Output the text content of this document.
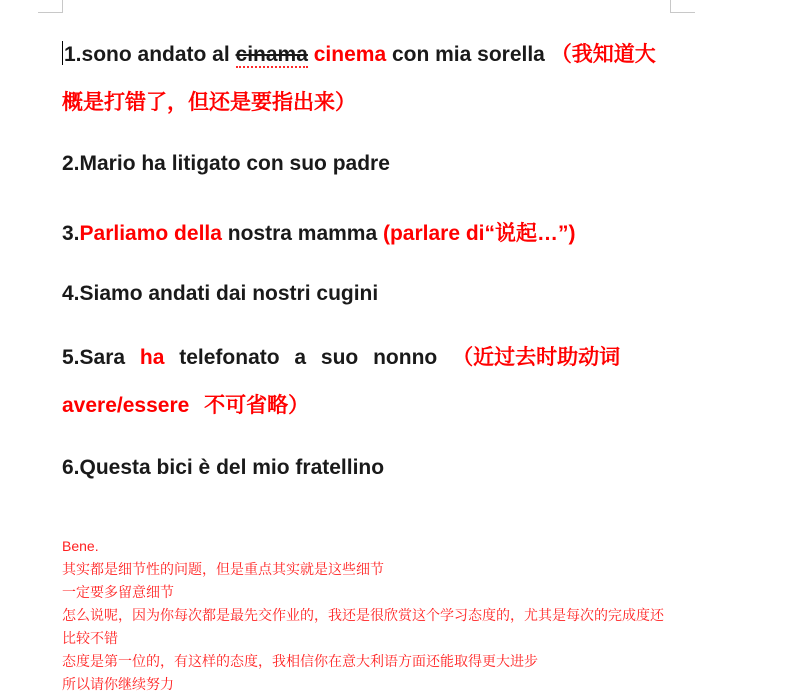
1.sono andato al cinama cinema con mia sorella （我知道大概是打错了，但还是要指出来）
2.Mario ha litigato con suo padre
3.Parliamo della nostra mamma (parlare di“说起…”)
4.Siamo andati dai nostri cugini
5.Sara ha telefonato a suo nonno （近过去时助动词avere/essere 不可省略）
6.Questa bici è del mio fratellino
Bene.
其实都是细节性的问题，但是重点其实就是这些细节
一定要多留意细节
怎么说呢，因为你每次都是最先交作业的，我还是很欣赏这个学习态度的，尤其是每次的完成度还比较不错
态度是第一位的，有这样的态度，我相信你在意大利语方面还能取得更大进步
所以请你继续努力
